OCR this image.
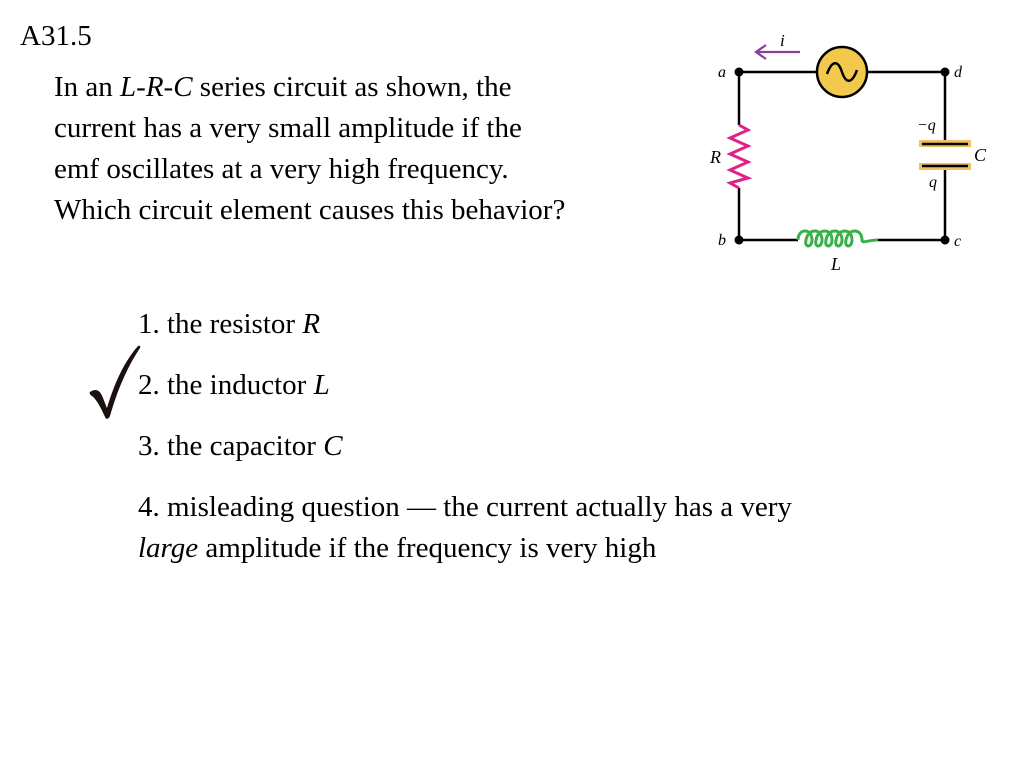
A31.5
In an L-R-C series circuit as shown, the
current has a very small amplitude if the
emf oscillates at a very high frequency.
Which circuit element causes this behavior?
i
R	C
−q
q
L
a	d
b	c
1. the resistor R
2. the inductor L
3. the capacitor C
4. misleading question — the current actually has a very
large amplitude if the frequency is very high
